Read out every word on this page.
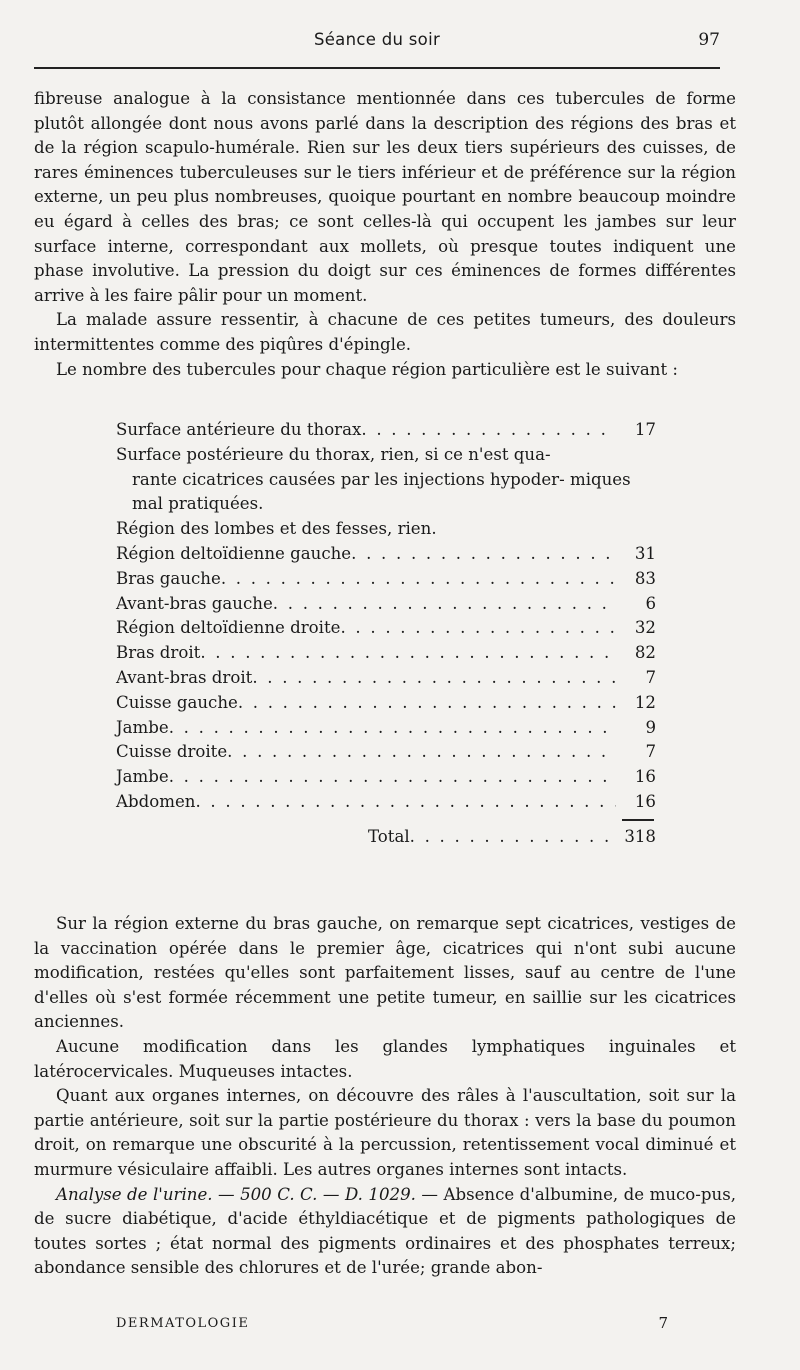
Séance du soir	97

fibreuse analogue à la consistance mentionnée dans ces tubercules de forme plutôt allongée dont nous avons parlé dans la description des régions des bras et de la région scapulo-humérale. Rien sur les deux tiers supérieurs des cuisses, de rares éminences tuberculeuses sur le tiers inférieur et de préférence sur la région externe, un peu plus nombreuses, quoique pourtant en nombre beaucoup moindre eu égard à celles des bras; ce sont celles-là qui occupent les jambes sur leur surface interne, correspondant aux mollets, où presque toutes indiquent une phase involutive. La pression du doigt sur ces éminences de formes différentes arrive à les faire pâlir pour un moment.

La malade assure ressentir, à chacune de ces petites tumeurs, des douleurs intermittentes comme des piqûres d'épingle.

Le nombre des tubercules pour chaque région particulière est le suivant :

Surface antérieure du thorax . . .	17
Surface postérieure du thorax, rien, si ce n'est qua-
rante cicatrices causées par les injections hypoder- miques mal pratiquées.
Région des lombes et des fesses, rien.
Région deltoïdienne gauche . . .	31
Bras gauche . . .	83
Avant-bras gauche . . .	6
Région deltoïdienne droite . . .	32
Bras droit . . .	82
Avant-bras droit . . .	7
Cuisse gauche . . .	12
Jambe . . .	9
Cuisse droite . . .	7
Jambe . . .	16
Abdomen . . .	16
Total . . .	318

Sur la région externe du bras gauche, on remarque sept cicatrices, vestiges de la vaccination opérée dans le premier âge, cicatrices qui n'ont subi aucune modification, restées qu'elles sont parfaitement lisses, sauf au centre de l'une d'elles où s'est formée récemment une petite tumeur, en saillie sur les cicatrices anciennes.

Aucune modification dans les glandes lymphatiques inguinales et latérocervicales. Muqueuses intactes.

Quant aux organes internes, on découvre des râles à l'auscultation, soit sur la partie antérieure, soit sur la partie postérieure du thorax : vers la base du poumon droit, on remarque une obscurité à la percussion, retentissement vocal diminué et murmure vésiculaire affaibli. Les autres organes internes sont intacts.

Analyse de l'urine. — 500 C. C. — D. 1029. — Absence d'albumine, de muco-pus, de sucre diabétique, d'acide éthyldiacétique et de pigments pathologiques de toutes sortes ; état normal des pigments ordinaires et des phosphates terreux; abondance sensible des chlorures et de l'urée; grande abon-

DERMATOLOGIE	7
